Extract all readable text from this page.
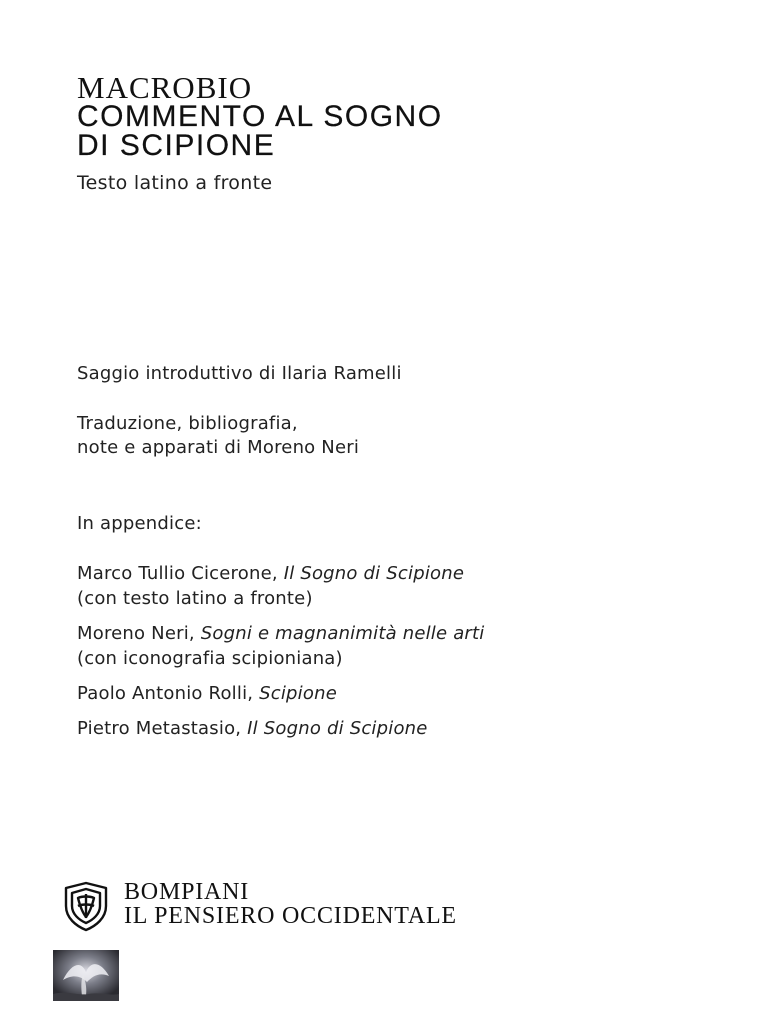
MACROBIO
COMMENTO AL SOGNO
DI SCIPIONE
Testo latino a fronte
Saggio introduttivo di Ilaria Ramelli
Traduzione, bibliografia,
note e apparati di Moreno Neri
In appendice:
Marco Tullio Cicerone, Il Sogno di Scipione
(con testo latino a fronte)
Moreno Neri, Sogni e magnanimità nelle arti
(con iconografia scipioniana)
Paolo Antonio Rolli, Scipione
Pietro Metastasio, Il Sogno di Scipione
BOMPIANI
IL PENSIERO OCCIDENTALE
